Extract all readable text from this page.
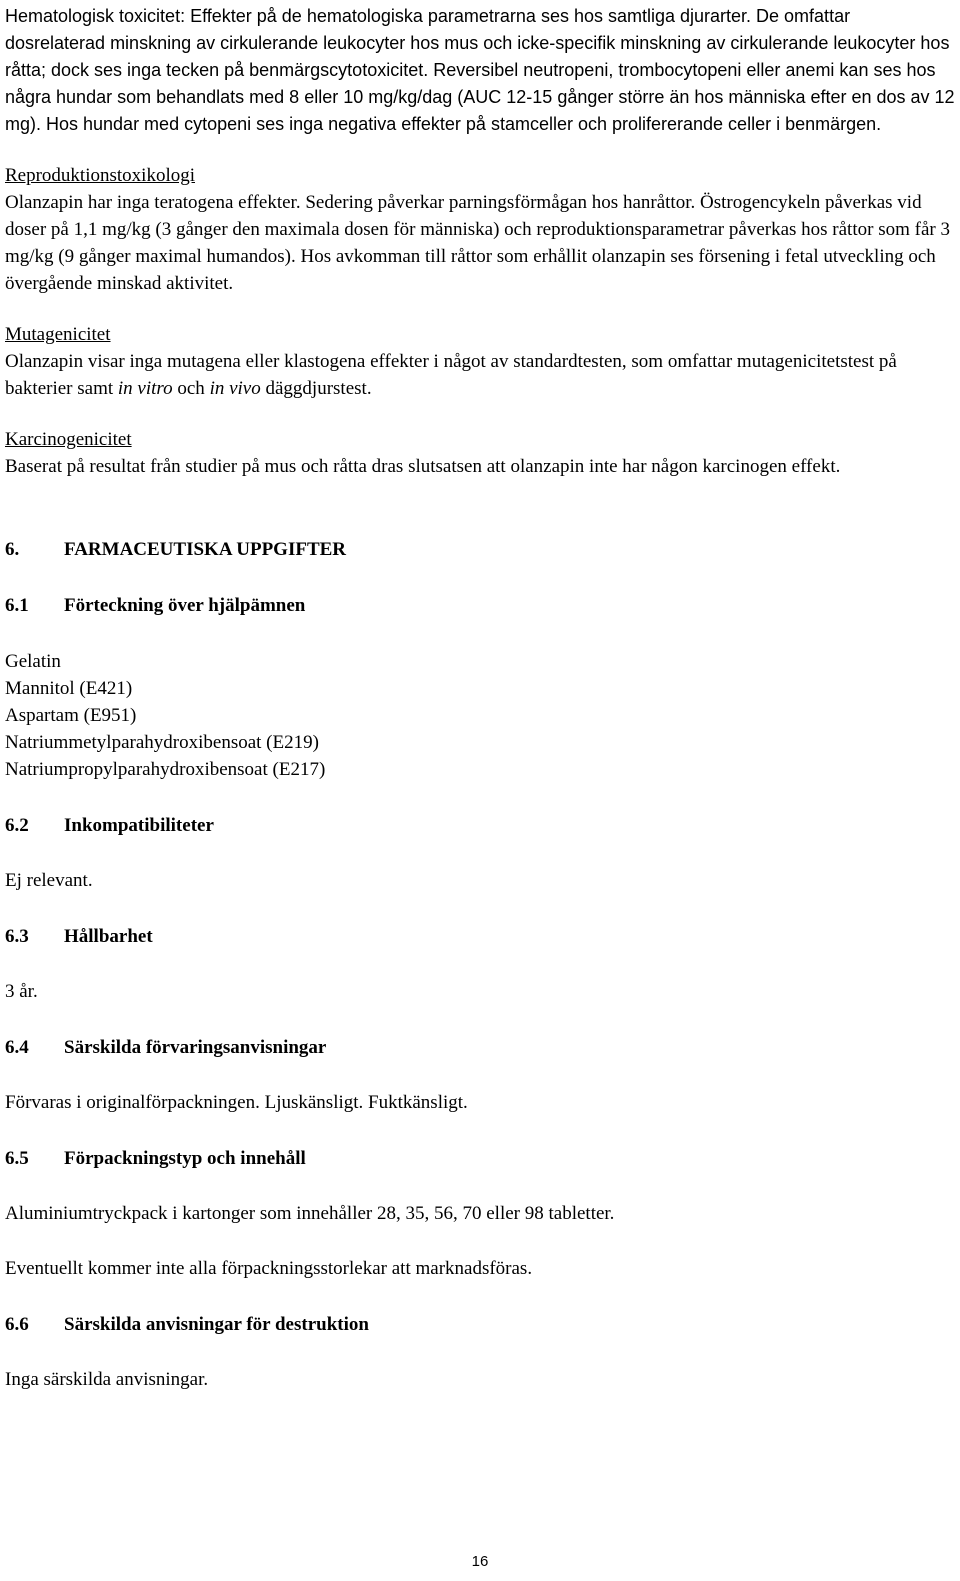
Hematologisk toxicitet: Effekter på de hematologiska parametrarna ses hos samtliga djurarter. De omfattar dosrelaterad minskning av cirkulerande leukocyter hos mus och icke-specifik minskning av cirkulerande leukocyter hos råtta; dock ses inga tecken på benmärgscytotoxicitet. Reversibel neutropeni, trombocytopeni eller anemi kan ses hos några hundar som behandlats med 8 eller 10 mg/kg/dag (AUC 12-15 gånger större än hos människa efter en dos av 12 mg). Hos hundar med cytopeni ses inga negativa effekter på stamceller och prolifererande celler i benmärgen.

Reproduktionstoxikologi

Olanzapin har inga teratogena effekter. Sedering påverkar parningsförmågan hos hanråttor. Östrogencykeln påverkas vid doser på 1,1 mg/kg (3 gånger den maximala dosen för människa) och reproduktionsparametrar påverkas hos råttor som får 3 mg/kg (9 gånger maximal humandos). Hos avkomman till råttor som erhållit olanzapin ses försening i fetal utveckling och övergående minskad aktivitet.

Mutagenicitet

Olanzapin visar inga mutagena eller klastogena effekter i något av standardtesten, som omfattar mutagenicitetstest på bakterier samt in vitro och in vivo däggdjurstest.

Karcinogenicitet

Baserat på resultat från studier på mus och råtta dras slutsatsen att olanzapin inte har någon karcinogen effekt.

6.	FARMACEUTISKA UPPGIFTER

6.1	Förteckning över hjälpämnen

Gelatin

Mannitol (E421)

Aspartam (E951)

Natriummetylparahydroxibensoat (E219)

Natriumpropylparahydroxibensoat (E217)

6.2	Inkompatibiliteter

Ej relevant.

6.3	Hållbarhet

3 år.

6.4	Särskilda förvaringsanvisningar

Förvaras i originalförpackningen. Ljuskänsligt. Fuktkänsligt.

6.5	Förpackningstyp och innehåll

Aluminiumtryckpack i kartonger som innehåller 28, 35, 56, 70 eller 98 tabletter.

Eventuellt kommer inte alla förpackningsstorlekar att marknadsföras.

6.6	Särskilda anvisningar för destruktion

Inga särskilda anvisningar.

16
